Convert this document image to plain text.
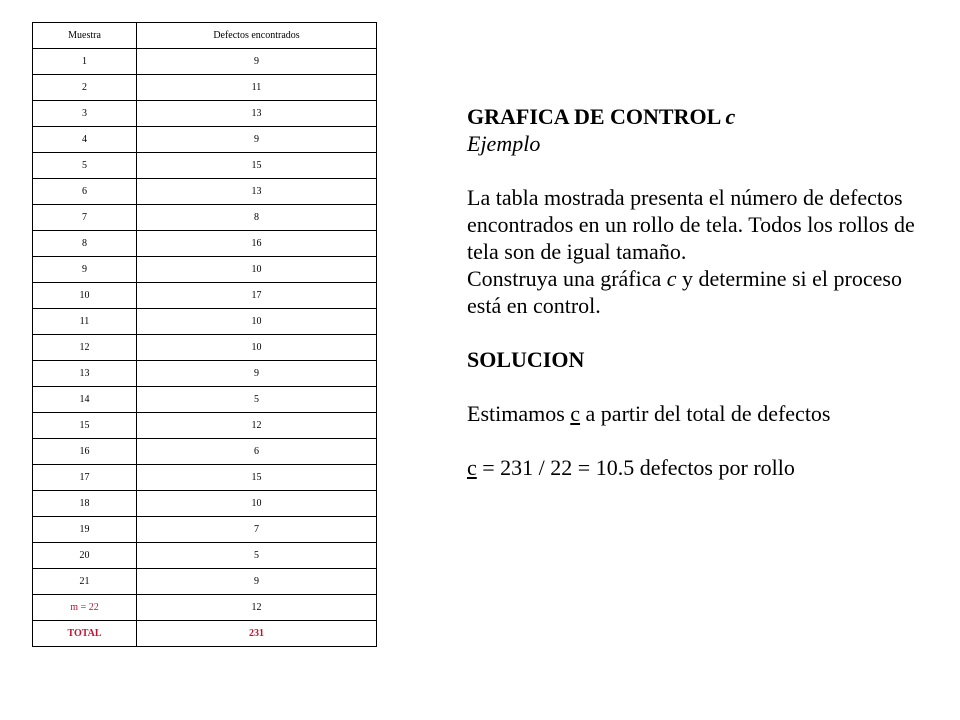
Muestra	Defectos encontrados
1	9
2	11
3	13
4	9
5	15
6	13
7	8
8	16
9	10
10	17
11	10
12	10
13	9
14	5
15	12
16	6
17	15
18	10
19	7
20	5
21	9
m = 22	12
TOTAL	231

GRAFICA DE CONTROL c

Ejemplo

La tabla mostrada presenta el número de defectos encontrados en un rollo de tela. Todos los rollos de tela son de igual tamaño.

Construya una gráfica c y determine si el proceso está en control.

SOLUCION

Estimamos c a partir del total de defectos

c = 231 / 22 = 10.5 defectos por rollo
